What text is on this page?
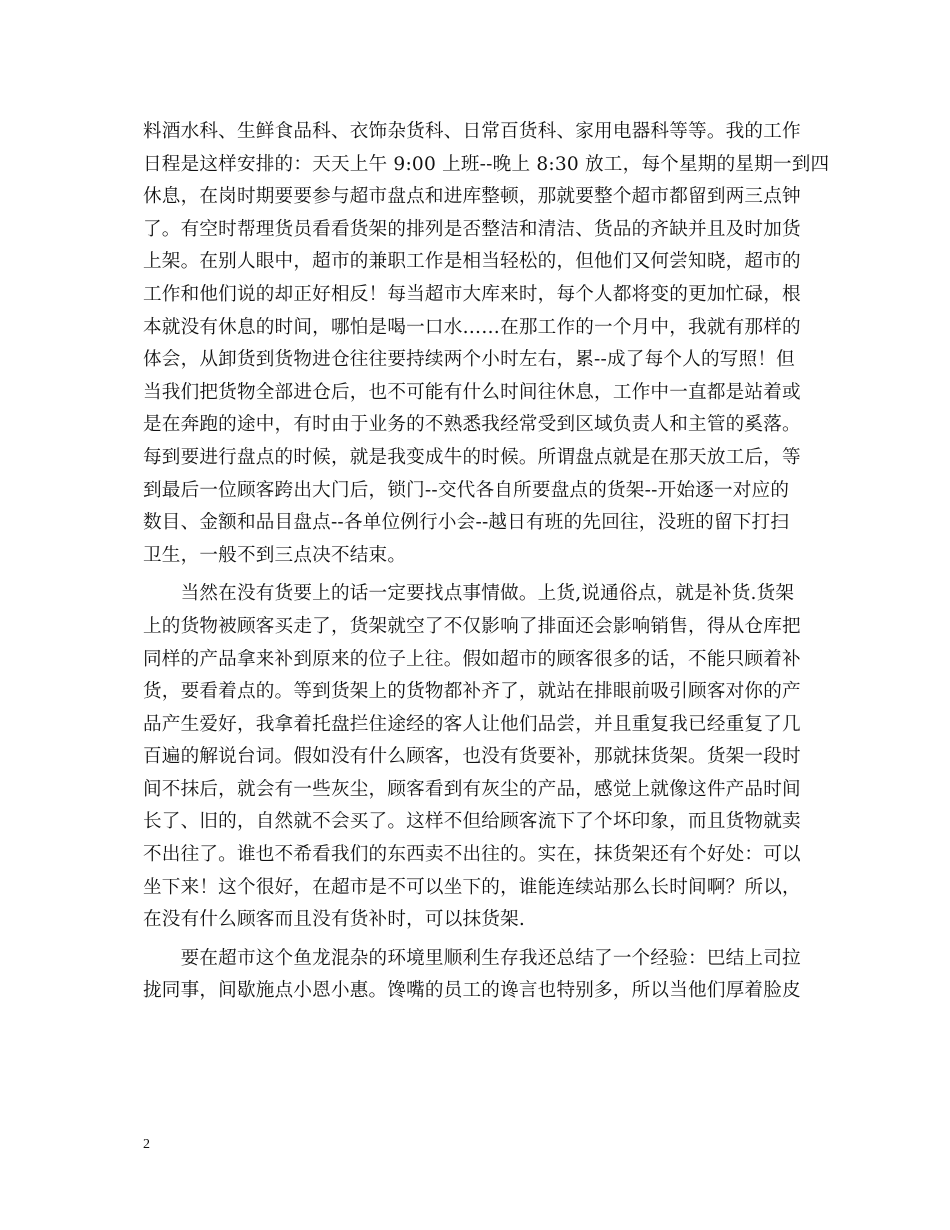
料酒水科、生鲜食品科、衣饰杂货科、日常百货科、家用电器科等等。我的工作
日程是这样安排的：天天上午 9:00 上班--晚上 8:30 放工，每个星期的星期一到四
休息，在岗时期要要参与超市盘点和进库整顿，那就要整个超市都留到两三点钟
了。有空时帮理货员看看货架的排列是否整洁和清洁、货品的齐缺并且及时加货
上架。在别人眼中，超市的兼职工作是相当轻松的，但他们又何尝知晓，超市的
工作和他们说的却正好相反！每当超市大库来时，每个人都将变的更加忙碌，根
本就没有休息的时间，哪怕是喝一口水……在那工作的一个月中，我就有那样的
体会，从卸货到货物进仓往往要持续两个小时左右，累--成了每个人的写照！但
当我们把货物全部进仓后，也不可能有什么时间往休息，工作中一直都是站着或
是在奔跑的途中，有时由于业务的不熟悉我经常受到区域负责人和主管的奚落。
每到要进行盘点的时候，就是我变成牛的时候。所谓盘点就是在那天放工后，等
到最后一位顾客跨出大门后，锁门--交代各自所要盘点的货架--开始逐一对应的
数目、金额和品目盘点--各单位例行小会--越日有班的先回往，没班的留下打扫
卫生，一般不到三点决不结束。
　　当然在没有货要上的话一定要找点事情做。上货,说通俗点，就是补货.货架
上的货物被顾客买走了，货架就空了不仅影响了排面还会影响销售，得从仓库把
同样的产品拿来补到原来的位子上往。假如超市的顾客很多的话，不能只顾着补
货，要看着点的。等到货架上的货物都补齐了，就站在排眼前吸引顾客对你的产
品产生爱好，我拿着托盘拦住途经的客人让他们品尝，并且重复我已经重复了几
百遍的解说台词。假如没有什么顾客，也没有货要补，那就抹货架。货架一段时
间不抹后，就会有一些灰尘，顾客看到有灰尘的产品，感觉上就像这件产品时间
长了、旧的，自然就不会买了。这样不但给顾客流下了个坏印象，而且货物就卖
不出往了。谁也不希看我们的东西卖不出往的。实在，抹货架还有个好处：可以
坐下来！这个很好，在超市是不可以坐下的，谁能连续站那么长时间啊？所以，
在没有什么顾客而且没有货补时，可以抹货架.
　　要在超市这个鱼龙混杂的环境里顺利生存我还总结了一个经验：巴结上司拉
拢同事，间歇施点小恩小惠。馋嘴的员工的谗言也特别多，所以当他们厚着脸皮
2
